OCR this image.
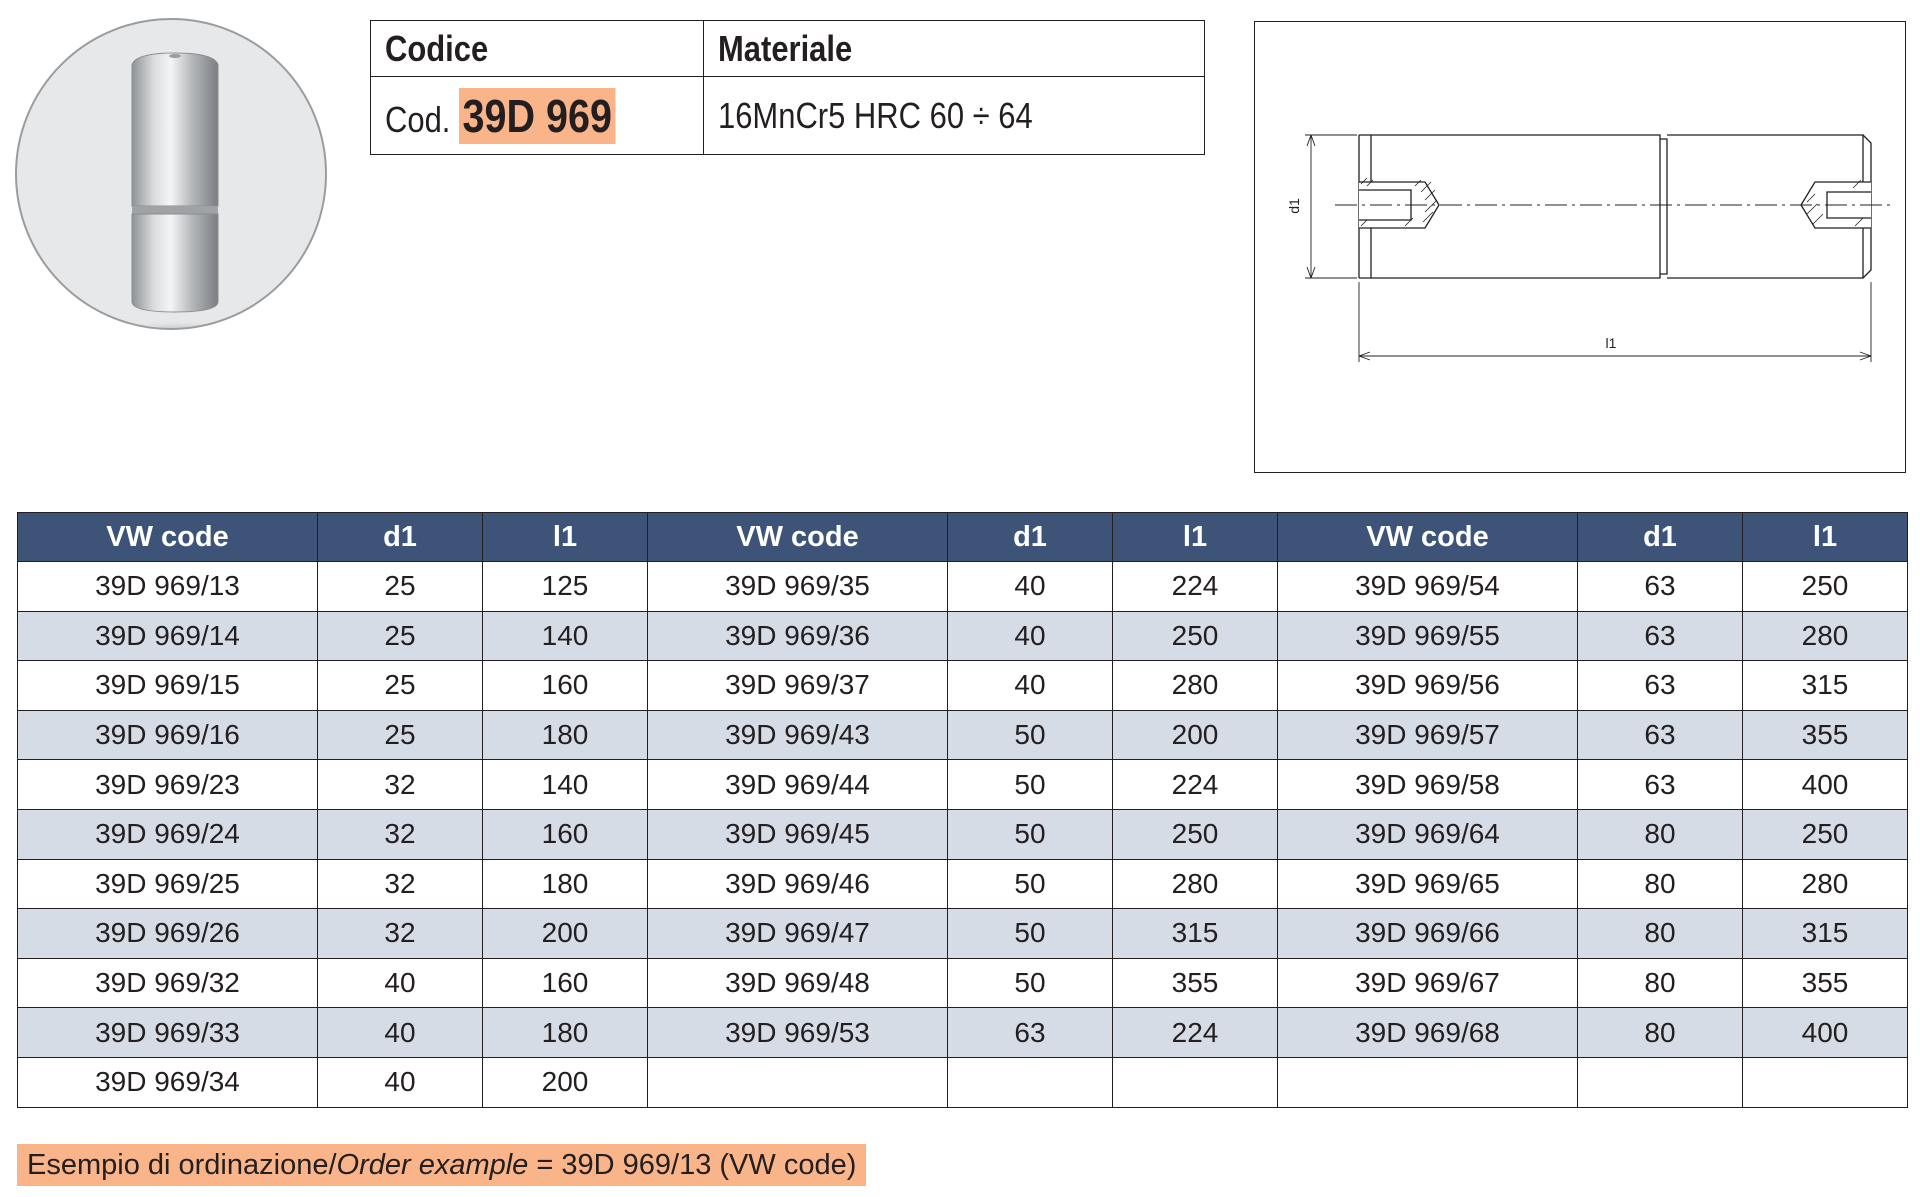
Codice	Materiale
Cod. 39D 969	16MnCr5 HRC 60 ÷ 64
d1
l1
VW code	d1	l1	VW code	d1	l1	VW code	d1	l1
39D 969/13	25	125	39D 969/35	40	224	39D 969/54	63	250
39D 969/14	25	140	39D 969/36	40	250	39D 969/55	63	280
39D 969/15	25	160	39D 969/37	40	280	39D 969/56	63	315
39D 969/16	25	180	39D 969/43	50	200	39D 969/57	63	355
39D 969/23	32	140	39D 969/44	50	224	39D 969/58	63	400
39D 969/24	32	160	39D 969/45	50	250	39D 969/64	80	250
39D 969/25	32	180	39D 969/46	50	280	39D 969/65	80	280
39D 969/26	32	200	39D 969/47	50	315	39D 969/66	80	315
39D 969/32	40	160	39D 969/48	50	355	39D 969/67	80	355
39D 969/33	40	180	39D 969/53	63	224	39D 969/68	80	400
39D 969/34	40	200						
Esempio di ordinazione/Order example = 39D 969/13 (VW code)
